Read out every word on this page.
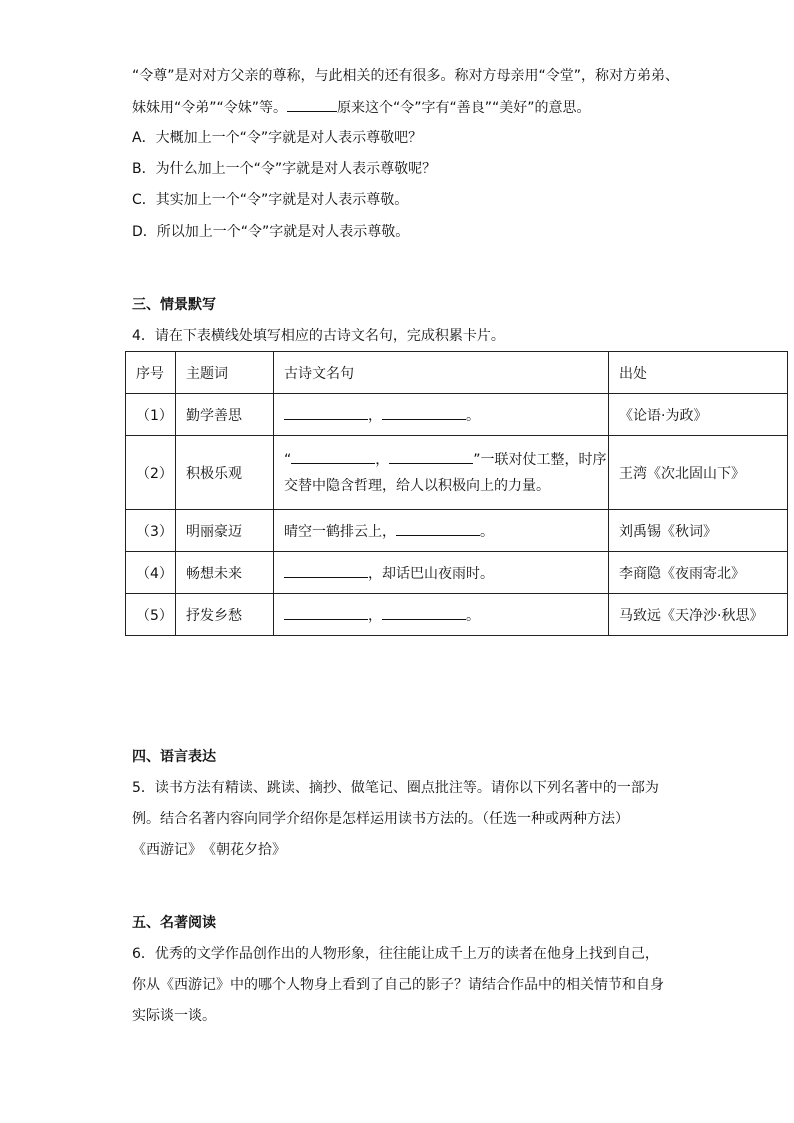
“令尊”是对对方父亲的尊称，与此相关的还有很多。称对方母亲用“令堂”，称对方弟弟、
妹妹用“令弟”“令妹”等。	原来这个“令”字有“善良”“美好”的意思。
A．大概加上一个“令”字就是对人表示尊敬吧？
B．为什么加上一个“令”字就是对人表示尊敬呢？
C．其实加上一个“令”字就是对人表示尊敬。
D．所以加上一个“令”字就是对人表示尊敬。
三、情景默写
4．请在下表横线处填写相应的古诗文名句，完成积累卡片。
序号	主题词	古诗文名句	出处
（1）	勤学善思	， 。	《论语·为政》
（2）	积极乐观	“ ， ”一联对仗工整，时序
交替中隐含哲理，给人以积极向上的力量。	王湾《次北固山下》
（3）	明丽豪迈	晴空一鹤排云上， 。	刘禹锡《秋词》
（4）	畅想未来	，却话巴山夜雨时。	李商隐《夜雨寄北》
（5）	抒发乡愁	， 。	马致远《天净沙·秋思》
四、语言表达
5．读书方法有精读、跳读、摘抄、做笔记、圈点批注等。请你以下列名著中的一部为
例。结合名著内容向同学介绍你是怎样运用读书方法的。（任选一种或两种方法）
《西游记》　《朝花夕拾》
五、名著阅读
6．优秀的文学作品创作出的人物形象，往往能让成千上万的读者在他身上找到自己，
你从《西游记》中的哪个人物身上看到了自己的影子？请结合作品中的相关情节和自身
实际谈一谈。
